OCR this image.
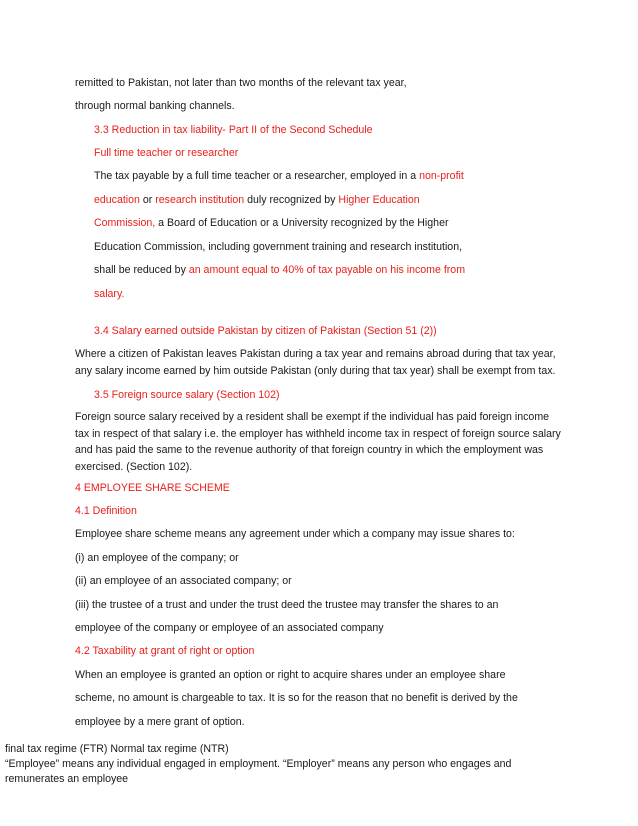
remitted to Pakistan, not later than two months of the relevant tax year,
through normal banking channels.
3.3 Reduction in tax liability- Part II of the Second Schedule
Full time teacher or researcher
The tax payable by a full time teacher or a researcher, employed in a non-profit
education or research institution duly recognized by Higher Education
Commission, a Board of Education or a University recognized by the Higher
Education Commission, including government training and research institution,
shall be reduced by an amount equal to 40% of tax payable on his income from
salary.
3.4 Salary earned outside Pakistan by citizen of Pakistan (Section 51 (2))
Where a citizen of Pakistan leaves Pakistan during a tax year and remains abroad during that tax year, any salary income earned by him outside Pakistan (only during that tax year) shall be exempt from tax.
3.5 Foreign source salary (Section 102)
Foreign source salary received by a resident shall be exempt if the individual has paid foreign income tax in respect of that salary i.e. the employer has withheld income tax in respect of foreign source salary and has paid the same to the revenue authority of that foreign country in which the employment was exercised. (Section 102).
4 EMPLOYEE SHARE SCHEME
4.1 Definition
Employee share scheme means any agreement under which a company may issue shares to:
(i) an employee of the company; or
(ii) an employee of an associated company; or
(iii) the trustee of a trust and under the trust deed the trustee may transfer the shares to an
employee of the company or employee of an associated company
4.2 Taxability at grant of right or option
When an employee is granted an option or right to acquire shares under an employee share
scheme, no amount is chargeable to tax. It is so for the reason that no benefit is derived by the
employee by a mere grant of option.
final tax regime (FTR) Normal tax regime (NTR)
“Employee” means any individual engaged in employment. “Employer” means any person who engages and
remunerates an employee
